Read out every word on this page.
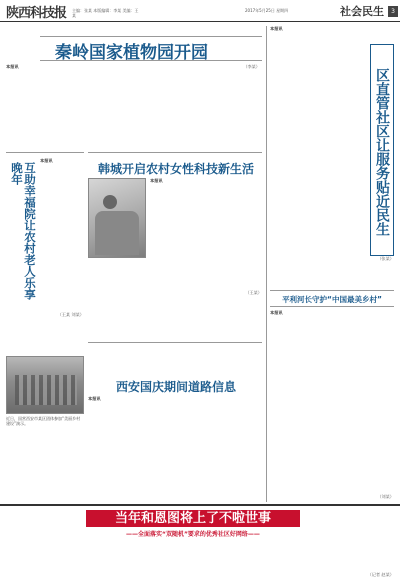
陕西科技报 主编：张某 本版编辑：李某 美编：王某
2017年5月25日 星期四	社会民生	3
秦岭国家植物园开园
本报讯	（李某）
互助幸福院让农村老人乐享晚年
本报讯
（王某 刘某）
近日，国营西安市某区团体参加“美丽乡村建设”演示。
韩城开启农村女性科技新生活
本报讯
（王某）
西安国庆期间道路信息
本报讯
本报讯
区直管社区让服务贴近民生
（张某）
平利河长守护“中国最美乡村”
本报讯
（刘某）
当年和恩图将上了不啦世事
——全面落实“双随机”要求的优秀社区好网络——
（记者 赵某）
